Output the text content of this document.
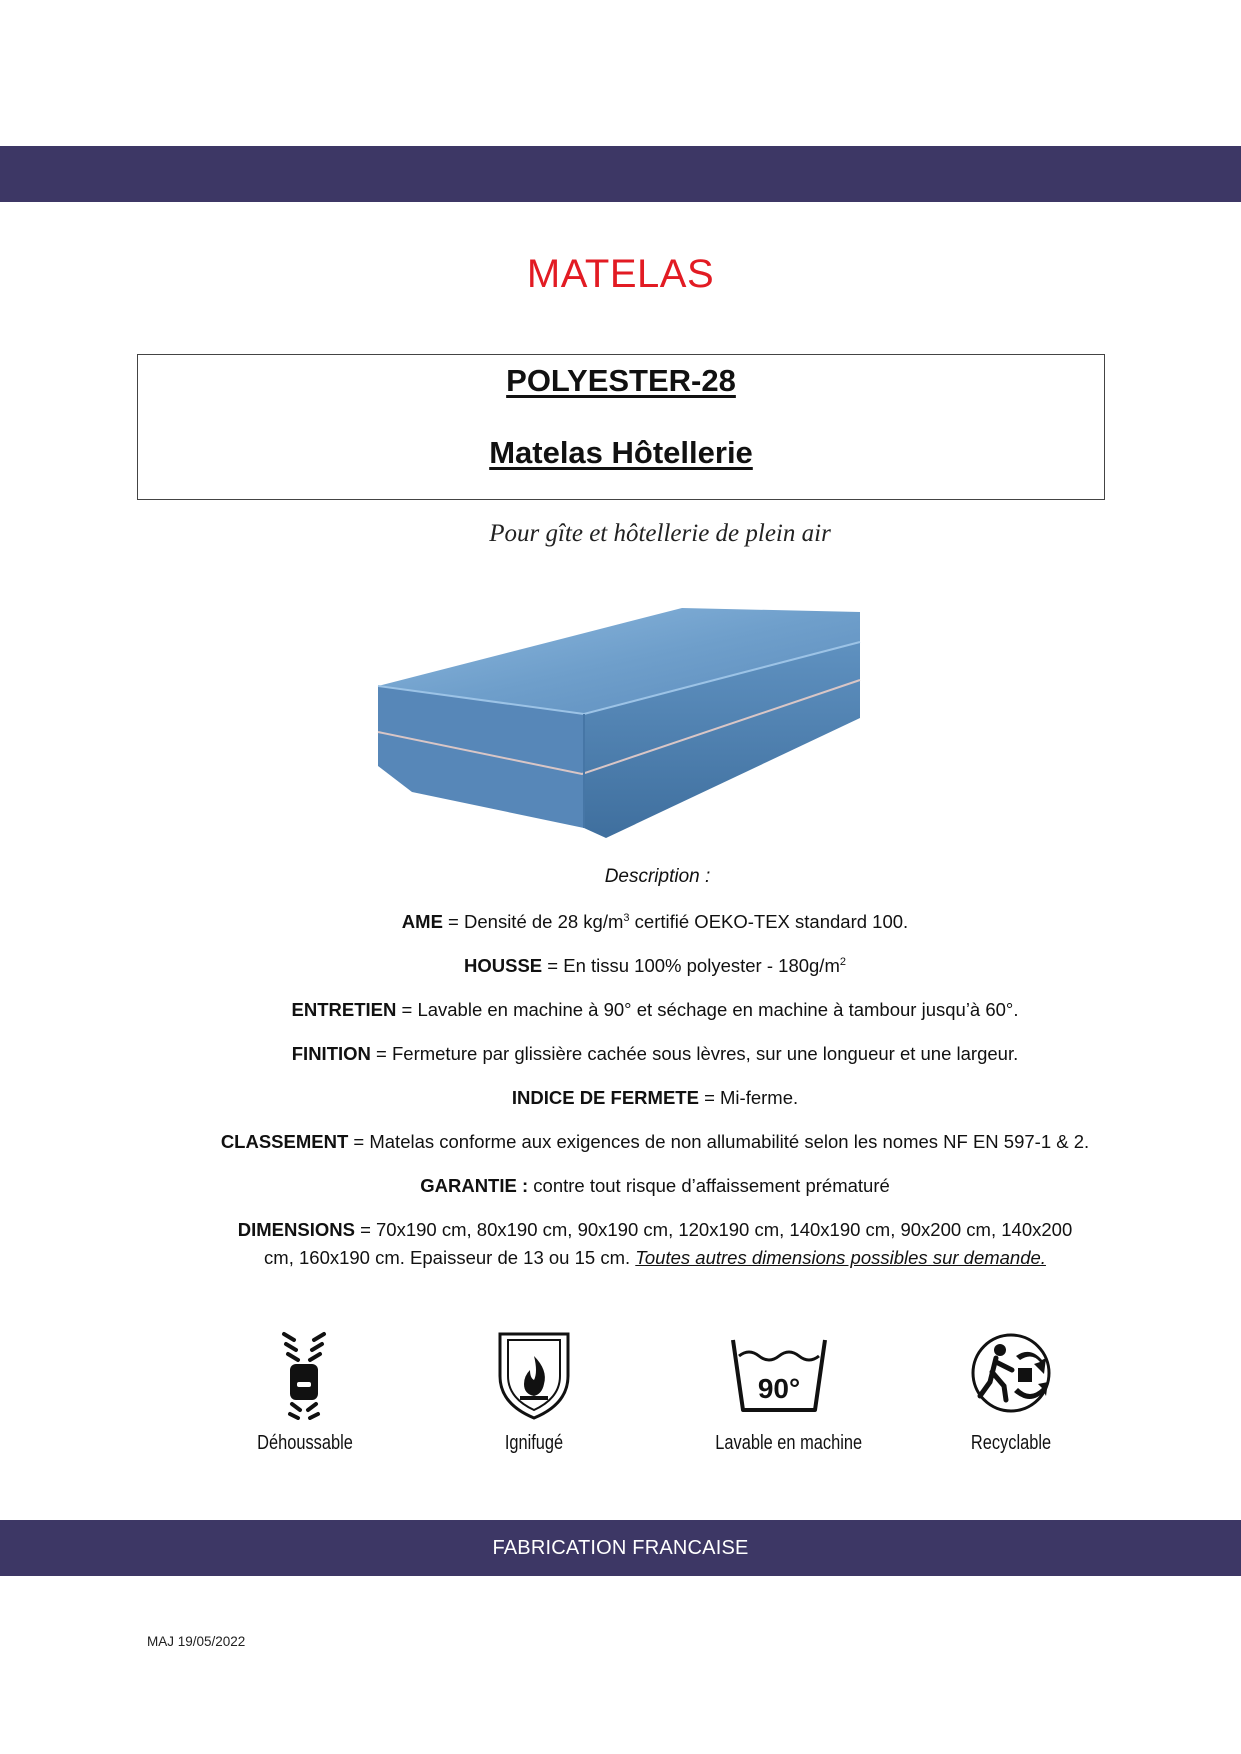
MATELAS
POLYESTER-28
Matelas Hôtellerie
Pour gîte et hôtellerie de plein air
Description :
AME = Densité de 28 $kg/m^3$ certifié OEKO-TEX standard 100.
HOUSSE = En tissu 100% polyester - $180g/m^2$
ENTRETIEN = Lavable en machine à 90° et séchage en machine à tambour jusqu’à 60°.
FINITION = Fermeture par glissière cachée sous lèvres, sur une longueur et une largeur.
INDICE DE FERMETE = Mi-ferme.
CLASSEMENT = Matelas conforme aux exigences de non allumabilité selon les nomes NF EN 597-1 & 2.
GARANTIE : contre tout risque d’affaissement prématuré
DIMENSIONS = 70x190 cm, 80x190 cm, 90x190 cm, 120x190 cm, 140x190 cm, 90x200 cm, 140x200 cm, 160x190 cm. Epaisseur de 13 ou 15 cm. Toutes autres dimensions possibles sur demande.
Déhoussable	Ignifugé
90°
Lavable en machine	Recyclable
FABRICATION FRANCAISE
MAJ 19/05/2022
